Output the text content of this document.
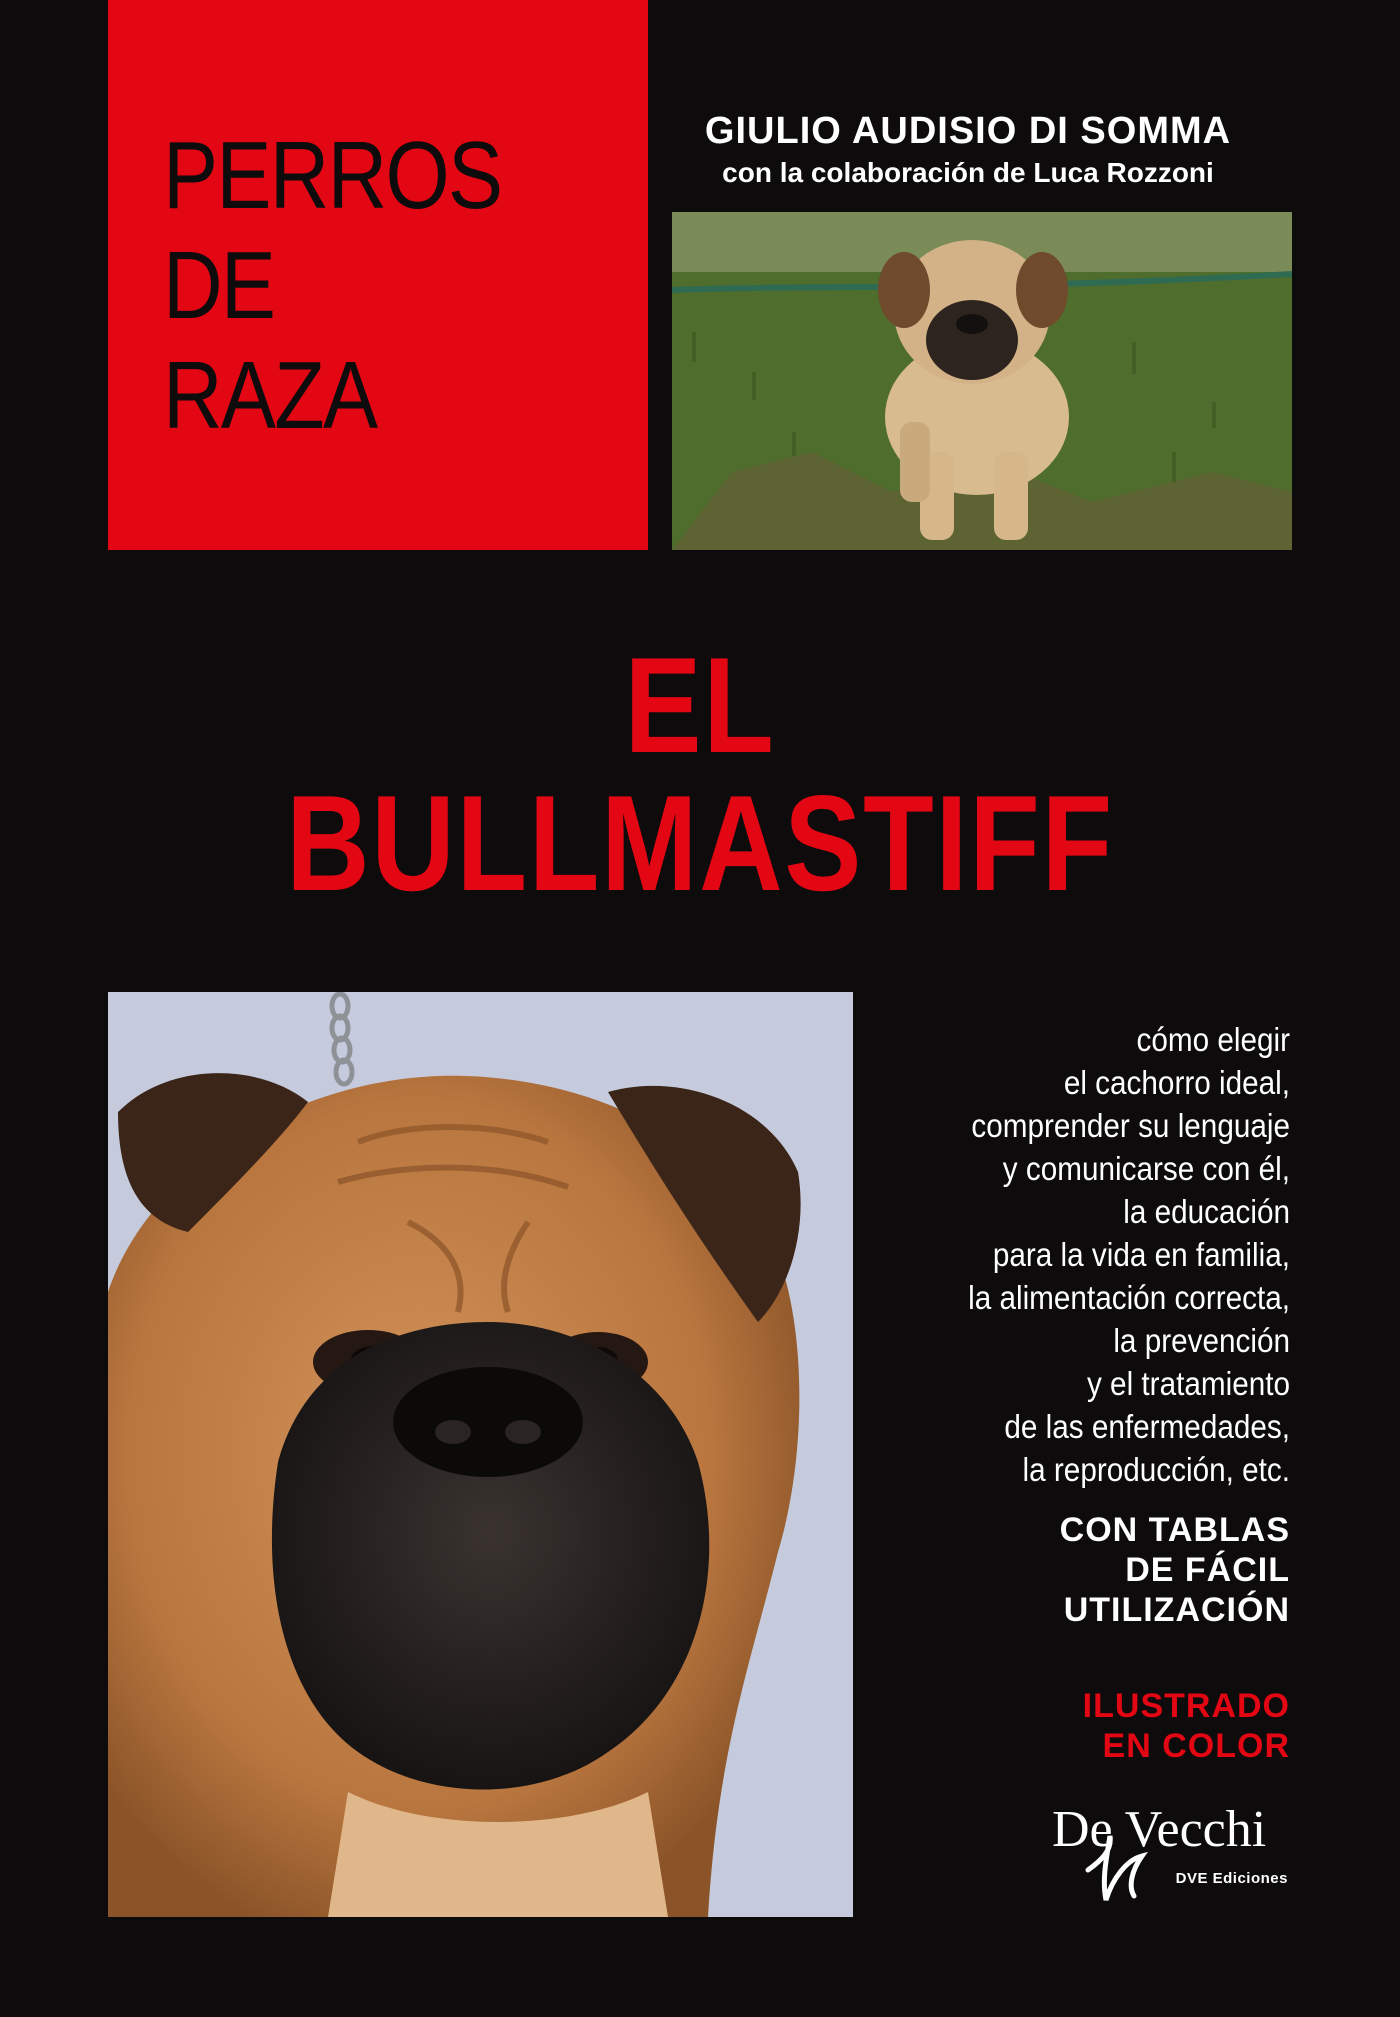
PERROS
DE
RAZA
GIULIO AUDISIO DI SOMMA
con la colaboración de Luca Rozzoni
EL
BULLMASTIFF
cómo elegir
el cachorro ideal,
comprender su lenguaje
y comunicarse con él,
la educación
para la vida en familia,
la alimentación correcta,
la prevención
y el tratamiento
de las enfermedades,
la reproducción, etc.
CON TABLAS
DE FÁCIL
UTILIZACIÓN
ILUSTRADO
EN COLOR
De Vecchi
DVE Ediciones
